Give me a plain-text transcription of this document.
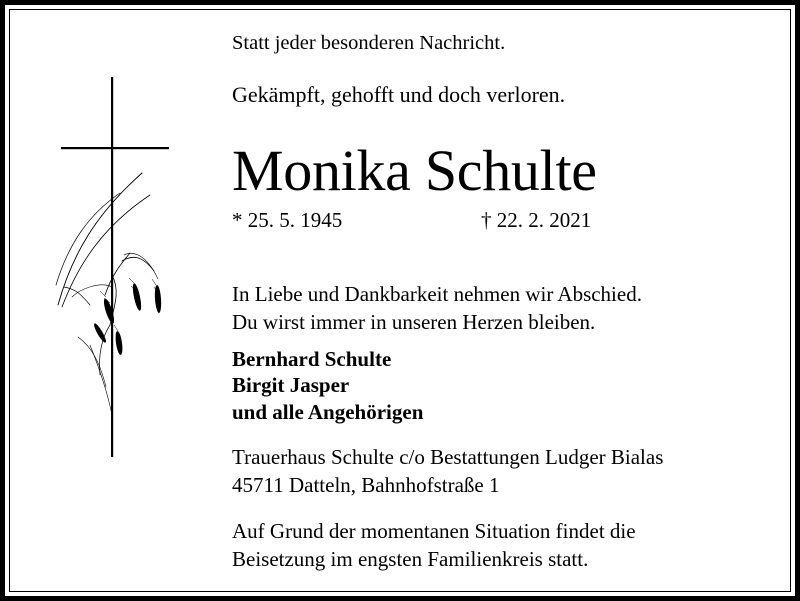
Statt jeder besonderen Nachricht.
Gekämpft, gehofft und doch verloren.
Monika Schulte
* 25. 5. 1945	† 22. 2. 2021
In Liebe und Dankbarkeit nehmen wir Abschied.
Du wirst immer in unseren Herzen bleiben.
Bernhard Schulte
Birgit Jasper
und alle Angehörigen
Trauerhaus Schulte c/o Bestattungen Ludger Bialas
45711 Datteln, Bahnhofstraße 1
Auf Grund der momentanen Situation findet die
Beisetzung im engsten Familienkreis statt.
